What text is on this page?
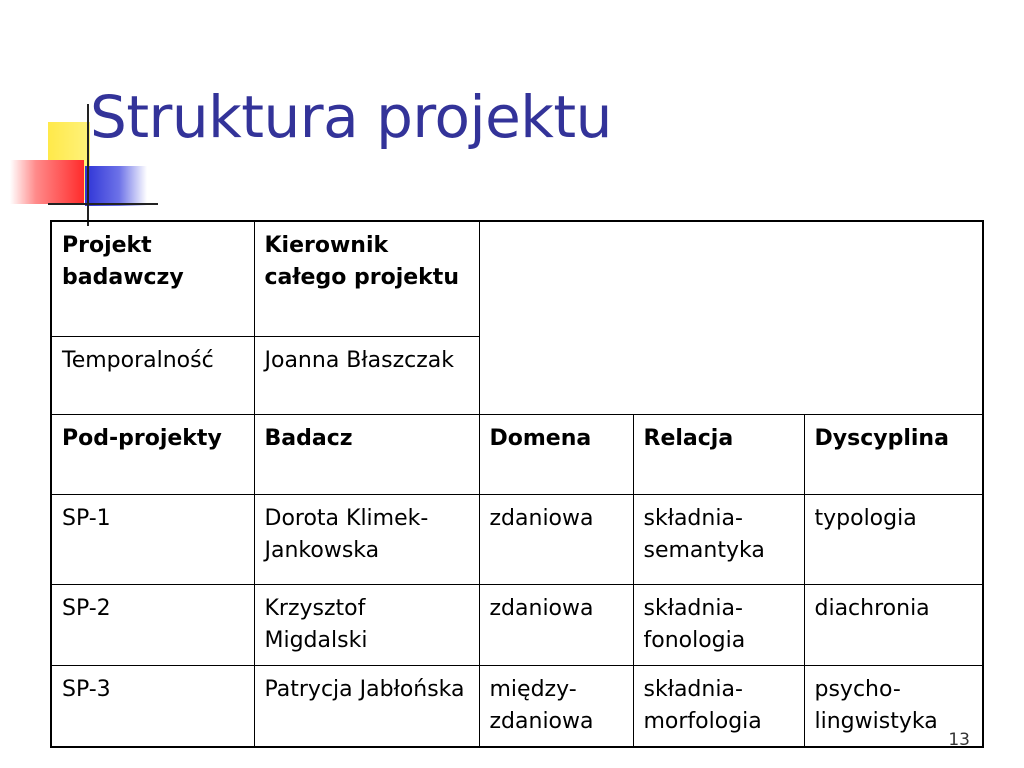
Struktura projektu
Projekt badawczy	Kierownik całego projektu			
Temporalność	Joanna Błaszczak			
Pod-projekty	Badacz	Domena	Relacja	Dyscyplina
SP-1	Dorota Klimek-Jankowska	zdaniowa	składnia-semantyka	typologia
SP-2	Krzysztof Migdalski	zdaniowa	składnia-fonologia	diachronia
SP-3	Patrycja Jabłońska	między-zdaniowa	składnia-morfologia	psycho-lingwistyka
13
